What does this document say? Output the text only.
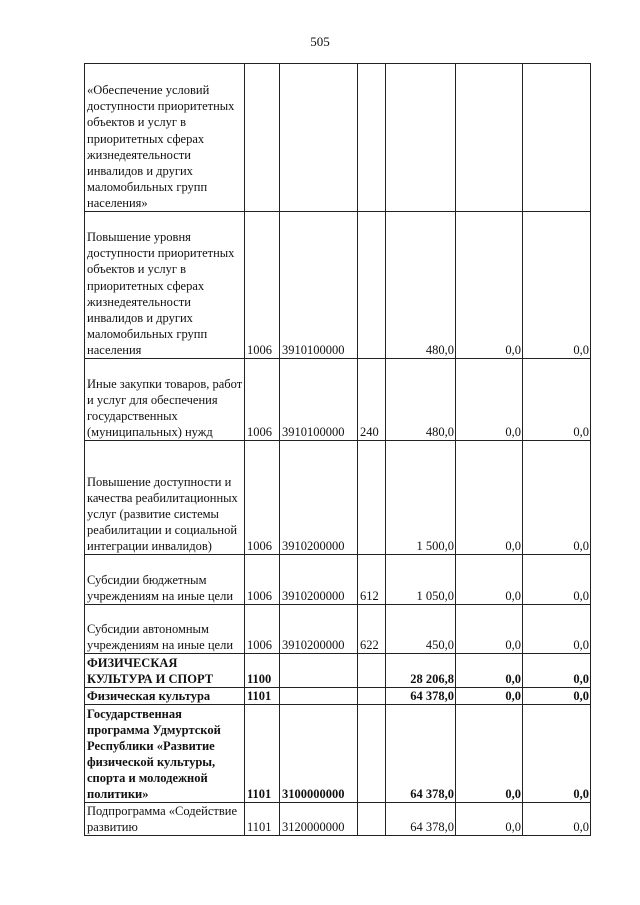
505
«Обеспечение условий доступности приоритетных объектов и услуг в приоритетных сферах жизнедеятельности инвалидов и других маломобильных групп населения»						
Повышение уровня доступности приоритетных объектов и услуг в приоритетных сферах жизнедеятельности инвалидов и других маломобильных групп населения	1006	3910100000		480,0	0,0	0,0
Иные закупки товаров, работ и услуг для обеспечения государственных (муниципальных) нужд	1006	3910100000	240	480,0	0,0	0,0
Повышение доступности и качества реабилитационных услуг (развитие системы реабилитации и социальной интеграции инвалидов)	1006	3910200000		1 500,0	0,0	0,0
Субсидии бюджетным учреждениям на иные цели	1006	3910200000	612	1 050,0	0,0	0,0
Субсидии автономным учреждениям на иные цели	1006	3910200000	622	450,0	0,0	0,0
ФИЗИЧЕСКАЯ КУЛЬТУРА И СПОРТ	1100			28 206,8	0,0	0,0
Физическая культура	1101			64 378,0	0,0	0,0
Государственная программа Удмуртской Республики «Развитие физической культуры, спорта и молодежной политики»	1101	3100000000		64 378,0	0,0	0,0
Подпрограмма «Содействие развитию	1101	3120000000		64 378,0	0,0	0,0
